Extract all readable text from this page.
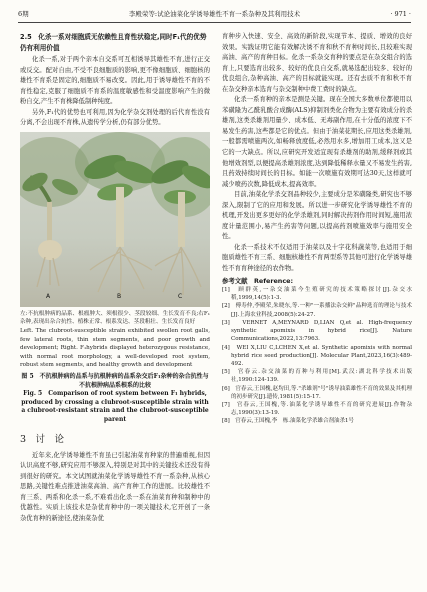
6期	李殿荣等:试论油菜化学诱导雄性不育一系杂种及其利用技术	· 971 ·
2.5　化杀一系对细胞质无依赖性且育性状稳定,同时F₁代的优势仍有利用价值

化杀一系,对于两个亲本自交系可互相诱导其雄性不育,进行正交或反交。配对自由,不受不良细胞质的影响,更不像细胞质、细胞核的雄性不育系是固定的,细胞质不易改变。因此,用于诱导雄性不育的不育性稳定,克服了细胞质不育系的温度敏感性和受温度影响产生的微粉自交,产生不育株降低制种纯度。

另外,F₁代的优势也可利用,因为化学杂交剂处理的后代育性没有分离,不会出现不育株,从遗传学分析,仍有部分优势。

A	B	C
左:不抗根肿病的品系、根瘤肿大、须根很少、茎段较细、生长发育不良;右F₁杂种,表现出杂合抗性、植株正常、根系发达、茎段粗壮、生长发育良好
Left. The clubroot-susceptible strain exhibited swollen root galls, few lateral roots, thin stem segments, and poor growth and development; Right. F₁hybrids displayed heterozygous resistance, with normal root morphology, a well-developed root system, robust stem segments, and healthy growth and development
图 5　不抗根肿病的品系与抗根肿病的品系杂交后F₁杂种的杂合抗性与不抗根肿病品系根系的比较
Fig. 5　Comparison of root system between F₁ hybrids, produced by crossing a clubroot-susceptible strain with a clubroot-resistant strain and the clubroot-susceptible parent
3　讨　论

近年来,化学诱导雄性不育虽已引起油菜育种家的普遍重视,但因认识高度不够,研究应用不够深入,特别是对其中的关键技术还没有得到很好的研究。本文试图就油菜化学诱导雄性不育一系杂种,从核心思路,关键性难点推进油菜高油、高产育种工作的进展。比较雄性不育三系、两系和化杀一系,不难看出化杀一系在油菜育种和制种中的优越性。实质上该技术是杂优育种中的一项关键技术,它开创了一条杂优育种的新途径,使油菜杂优

育种步入快速、安全、高效的新阶段,实现节本、提质、增效的良好效果。实践证明它能有效解决诱不育和秋不育种时间长,且较难实现高油、高产的育种目标。化杀一系杂交育种的要点是在杂交组合的选育上,只要选育出较多、较好的优良自交系,就易选配出较多、较好的优良组合,杂种高油、高产的目标就能实现。还有去质不育和秋不育在杂交种亲本选育与杂交制种中费工费时的缺点。

化杀一系育种的亲本是测是关键。现在全国大多数单位都使用以苯磺隆为乙酰乳酸合成酶(ALS)抑制剂类化合物为主要有效成分的杀雄剂,这类杀雄剂用量少、成本低、无毒副作用,在十分低的浓度下不易发生药害,这些都是它的优点。但由于油菜花期长,应用这类杀雄剂,一般都需喷施两次,如畅释放度低,必然用水多,增加用工成本,这又是它的一大缺点。所以,应研究开发适宜现有杀雄剂的助剂,缓释剂或其他增效剂型,以便提高杀雄剂浓度,达到降低稀释水量又不易发生药害,且药效持续时间长的目标。如能一次喷施有效期可达30天,这样就可减少喷药次数,降低成本,提高效率。

目前,油菜化学杀交剂品种较少,主要成分是苯磺隆类,研究也不够深入,限制了它的应用和发展。所以进一步研究化学诱导雄性不育的机理,开发出更多更好的化学杀雄剂,同时解决药剂作用时间短,施用浓度计量范围小,易产生药害等问题,以提高药剂喷施效率与施用安全性。

化杀一系技术不仅适用于油菜以及十字花科蔬菜等,也适用于细胞质雄性不育三系、细胞核雄性不育两型系等其他可进行化学诱导雄性不育育种途径的农作物。

参考文献　Reference:
[1]　顾群英,一杂交油菜今生殖研究的技术策略探讨[J].杂交水稻,1999,14(5):1-3.
[2]　傅寿仲,李殿荣,朱晓东,等.一种"一系播法杂交鲜"品种选育的理论与技术[J].上海农业科技,2008(5):24-27.
[3]　VERNET A,MEYNARD D,LIAN Q,et al. High-frequency synthetic apomixis in hybrid rice[J]. Nature Communications,2022,13:7963.
[4]　WEI X,LIU C,LCHEN X,et al. Synthetic apomixis with normal hybrid rice seed production[J]. Molecular Plant,2023,16(3):489-492.
[5]　官春云.杂交油菜的育种与利用[M].武汉:湖北科学技术出版社,1990:124-139.
[6]　官春云,王国槐,赵均田,等."杀雄剂"号"诱导油菜雄性不育的效果及其机理的初步研究[J].遗传,1981(5):15-17.
[7]　官春云,王国槐,等.油菜化学诱导雄性不育的研究进展[J].作物杂志,1990(3):13-19.
[8]　官春云,王国槐,李　栋.油菜化学杀雄合剂油杀1号
